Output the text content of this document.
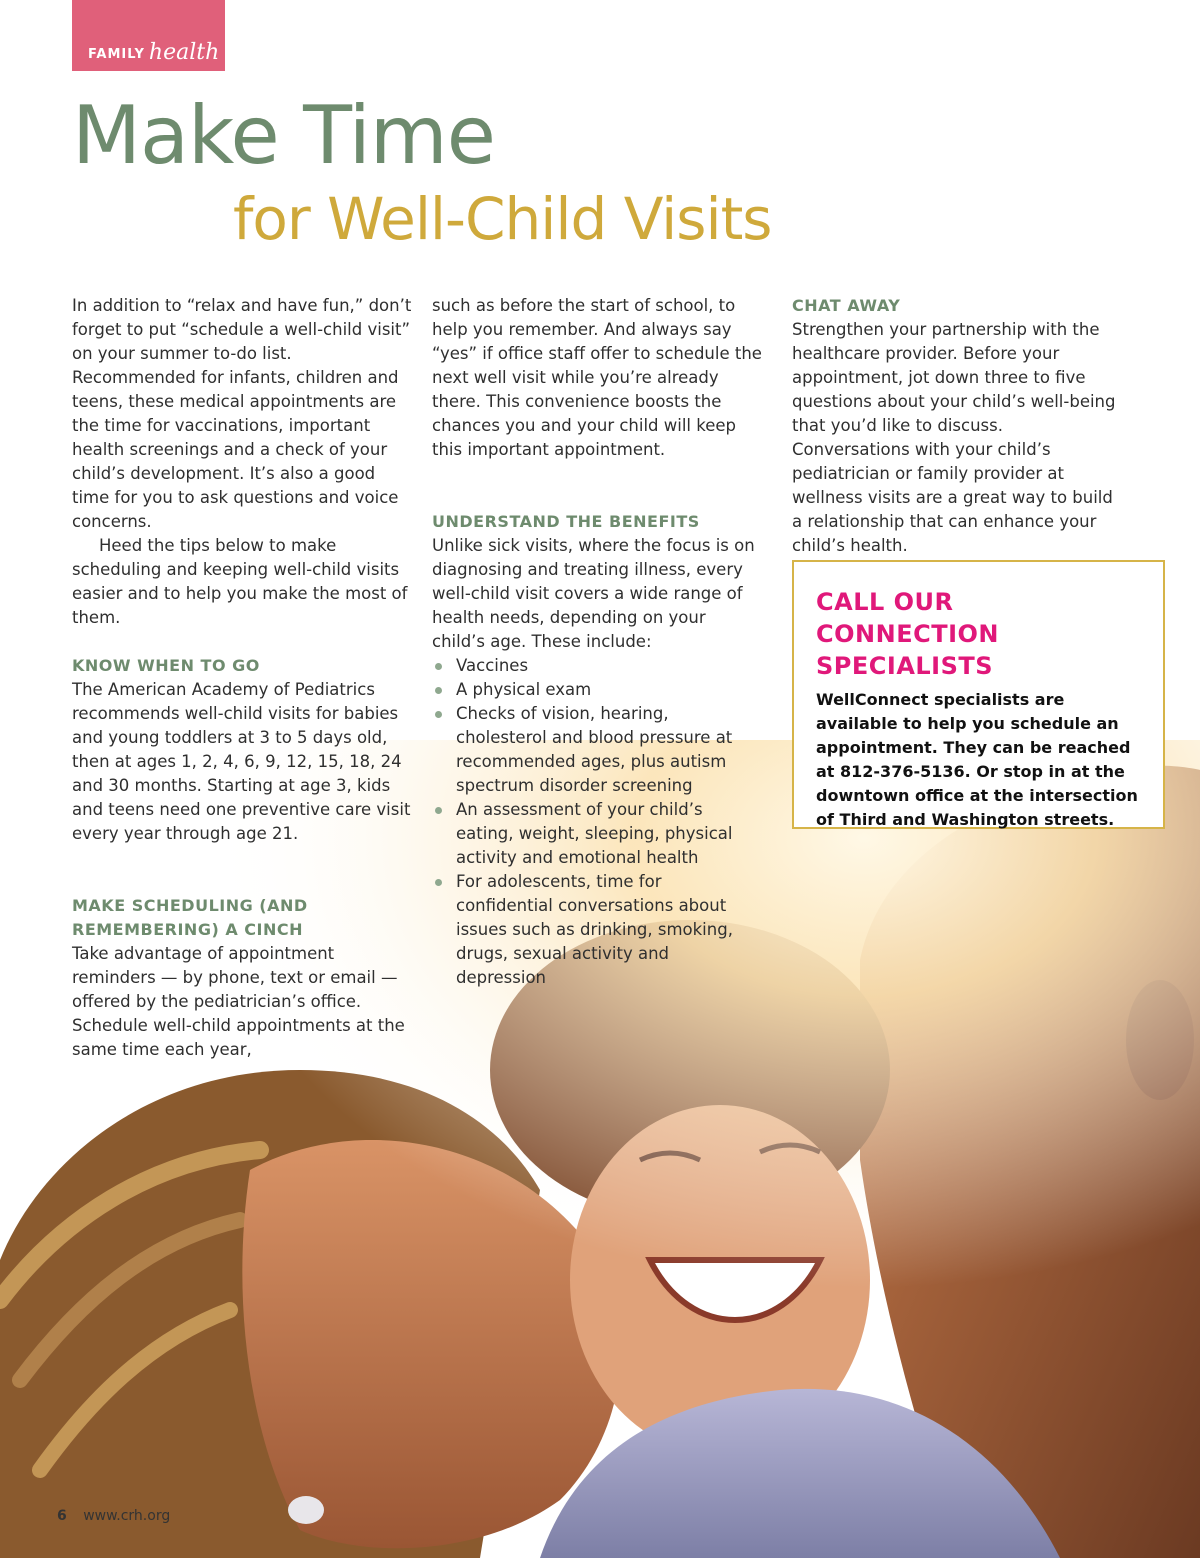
FAMILY health
Make Time
for Well-Child Visits

In addition to “relax and have fun,” don’t forget to put “schedule a well-child visit” on your summer to-do list. Recommended for infants, children and teens, these medical appointments are the time for vaccinations, important health screenings and a check of your child’s development. It’s also a good time for you to ask questions and voice concerns.

Heed the tips below to make scheduling and keeping well-child visits easier and to help you make the most of them.

KNOW WHEN TO GO

The American Academy of Pediatrics recommends well-child visits for babies and young toddlers at 3 to 5 days old, then at ages 1, 2, 4, 6, 9, 12, 15, 18, 24 and 30 months. Starting at age 3, kids and teens need one preventive care visit every year through age 21.

MAKE SCHEDULING (AND REMEMBERING) A CINCH

Take advantage of appointment reminders — by phone, text or email — offered by the pediatrician’s office. Schedule well-child appointments at the same time each year,

such as before the start of school, to help you remember. And always say “yes” if office staff offer to schedule the next well visit while you’re already there. This convenience boosts the chances you and your child will keep this important appointment.

UNDERSTAND THE BENEFITS

Unlike sick visits, where the focus is on diagnosing and treating illness, every well-child visit covers a wide range of health needs, depending on your child’s age. These include:

Vaccines
A physical exam
Checks of vision, hearing, cholesterol and blood pressure at recommended ages, plus autism spectrum disorder screening
An assessment of your child’s eating, weight, sleeping, physical activity and emotional health
For adolescents, time for confidential conversations about issues such as drinking, smoking, drugs, sexual activity and depression

CHAT AWAY

Strengthen your partnership with the healthcare provider. Before your appointment, jot down three to five questions about your child’s well-being that you’d like to discuss. Conversations with your child’s pediatrician or family provider at wellness visits are a great way to build a relationship that can enhance your child’s health.

CALL OUR CONNECTION SPECIALISTS

WellConnect specialists are available to help you schedule an appointment. They can be reached at 812-376-5136. Or stop in at the downtown office at the intersection of Third and Washington streets.

6 www.crh.org
